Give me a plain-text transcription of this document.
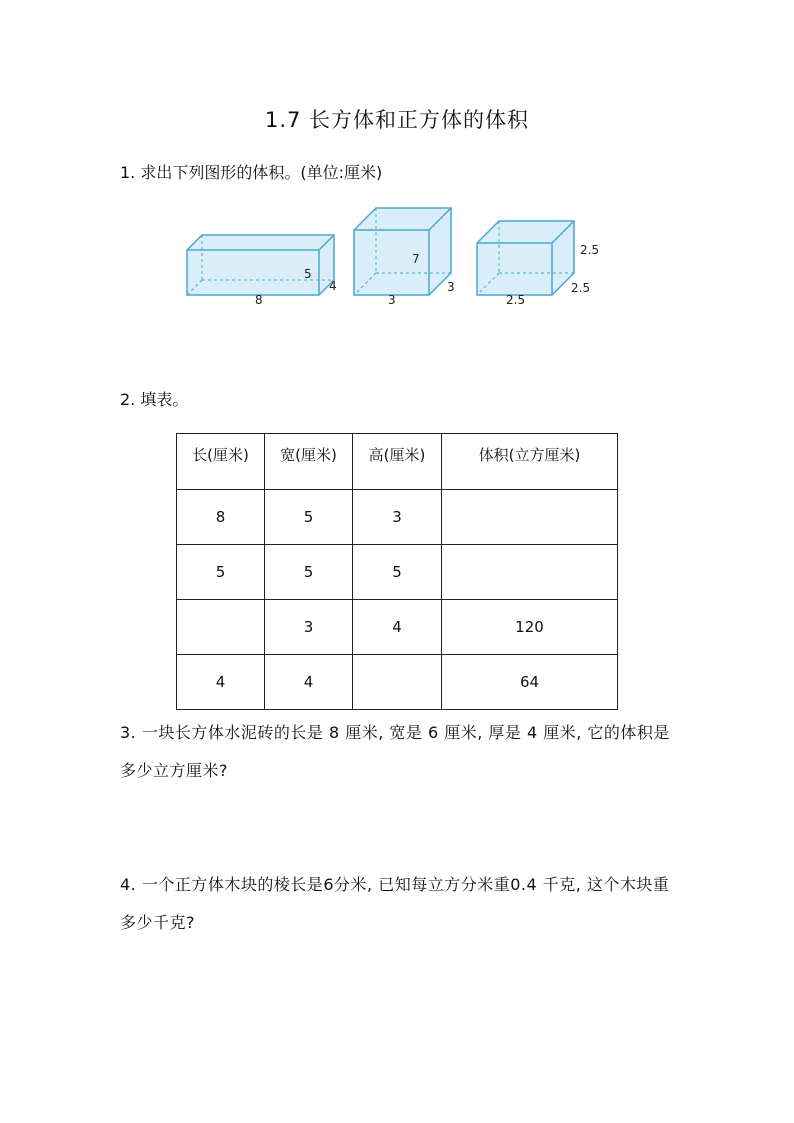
1.7 长方体和正方体的体积
1. 求出下列图形的体积。(单位:厘米)
8
4
5
3
3
7
2.5
2.5
2.5
2. 填表。
长(厘米)	宽(厘米)	高(厘米)	体积(立方厘米)
8	5	3	
5	5	5	
	3	4	120
4	4		64
3. 一块长方体水泥砖的长是 8 厘米, 宽是 6 厘米, 厚是 4 厘米, 它的体积是多少立方厘米?
4. 一个正方体木块的棱长是6分米, 已知每立方分米重0.4 千克, 这个木块重多少千克?
